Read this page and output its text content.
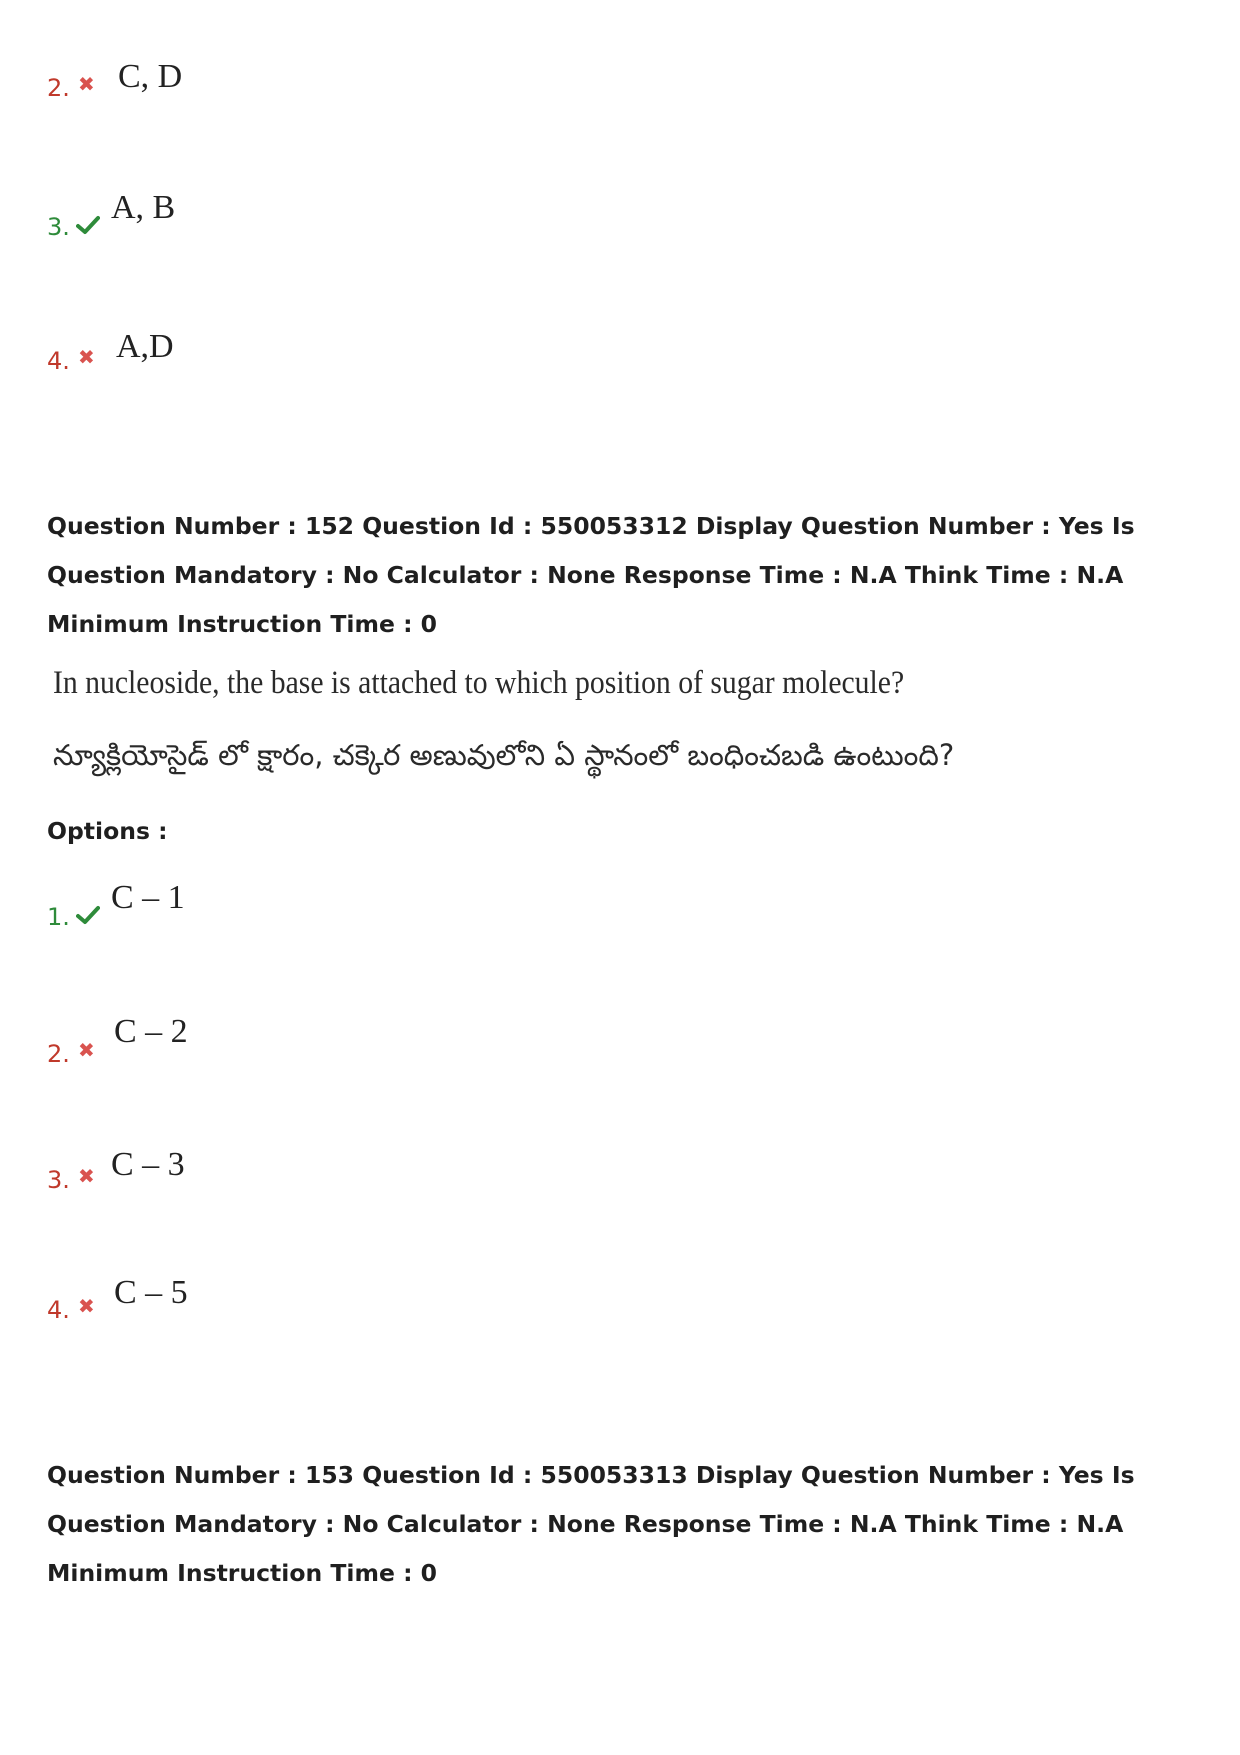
2. ✖ C, D
3.
A, B
4. ✖ A,D
Question Number : 152 Question Id : 550053312 Display Question Number : Yes Is Question Mandatory : No Calculator : None Response Time : N.A Think Time : N.A Minimum Instruction Time : 0
In nucleoside, the base is attached to which position of sugar molecule?
న్యూక్లియోసైడ్ లో క్షారం, చక్కెర అణువులోని ఏ స్థానంలో బంధించబడి ఉంటుంది?
Options :
1.
C – 1
2. ✖ C – 2
3. ✖ C – 3
4. ✖ C – 5
Question Number : 153 Question Id : 550053313 Display Question Number : Yes Is Question Mandatory : No Calculator : None Response Time : N.A Think Time : N.A Minimum Instruction Time : 0
